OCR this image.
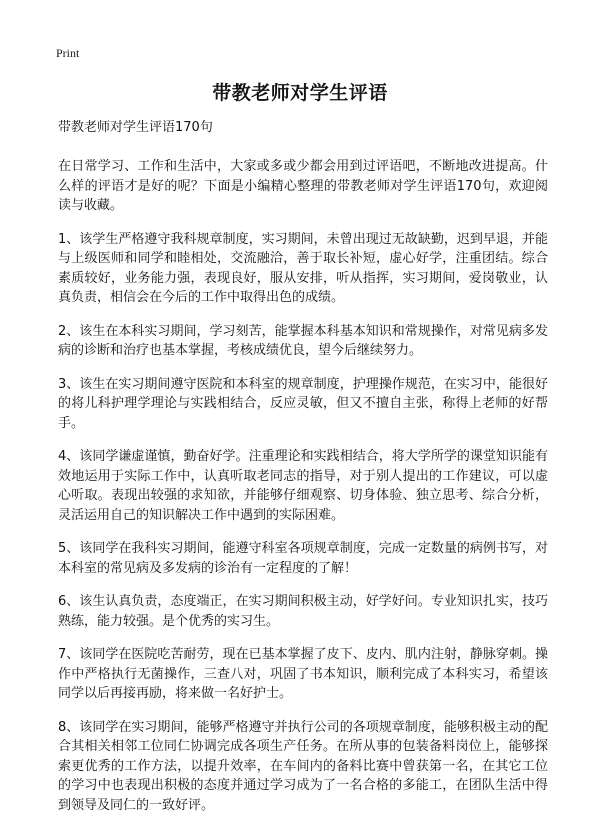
Print
带教老师对学生评语

带教老师对学生评语170句

在日常学习、工作和生活中，大家或多或少都会用到过评语吧，不断地改进提高。什么样的评语才是好的呢？下面是小编精心整理的带教老师对学生评语170句，欢迎阅读与收藏。

1、该学生严格遵守我科规章制度，实习期间，未曾出现过无故缺勤，迟到早退，并能与上级医师和同学和睦相处，交流融洽，善于取长补短，虚心好学，注重团结。综合素质较好，业务能力强，表现良好，服从安排，听从指挥，实习期间，爱岗敬业，认真负责，相信会在今后的工作中取得出色的成绩。

2、该生在本科实习期间，学习刻苦，能掌握本科基本知识和常规操作，对常见病多发病的诊断和治疗也基本掌握，考核成绩优良，望今后继续努力。

3、该生在实习期间遵守医院和本科室的规章制度，护理操作规范，在实习中，能很好的将儿科护理学理论与实践相结合，反应灵敏，但又不擅自主张，称得上老师的好帮手。

4、该同学谦虚谨慎，勤奋好学。注重理论和实践相结合，将大学所学的课堂知识能有效地运用于实际工作中，认真听取老同志的指导，对于别人提出的工作建议，可以虚心听取。表现出较强的求知欲，并能够仔细观察、切身体验、独立思考、综合分析，灵活运用自己的知识解决工作中遇到的实际困难。

5、该同学在我科实习期间，能遵守科室各项规章制度，完成一定数量的病例书写，对本科室的常见病及多发病的诊治有一定程度的了解！

6、该生认真负责，态度端正，在实习期间积极主动，好学好问。专业知识扎实，技巧熟练，能力较强。是个优秀的实习生。

7、该同学在医院吃苦耐劳，现在已基本掌握了皮下、皮内、肌内注射，静脉穿刺。操作中严格执行无菌操作，三查八对，巩固了书本知识，顺利完成了本科实习，希望该同学以后再接再励，将来做一名好护士。

8、该同学在实习期间，能够严格遵守并执行公司的各项规章制度，能够积极主动的配合其相关相邻工位同仁协调完成各项生产任务。在所从事的包装备料岗位上，能够探索更优秀的工作方法，以提升效率，在车间内的备料比赛中曾获第一名，在其它工位的学习中也表现出积极的态度并通过学习成为了一名合格的多能工，在团队生活中得到领导及同仁的一致好评。
